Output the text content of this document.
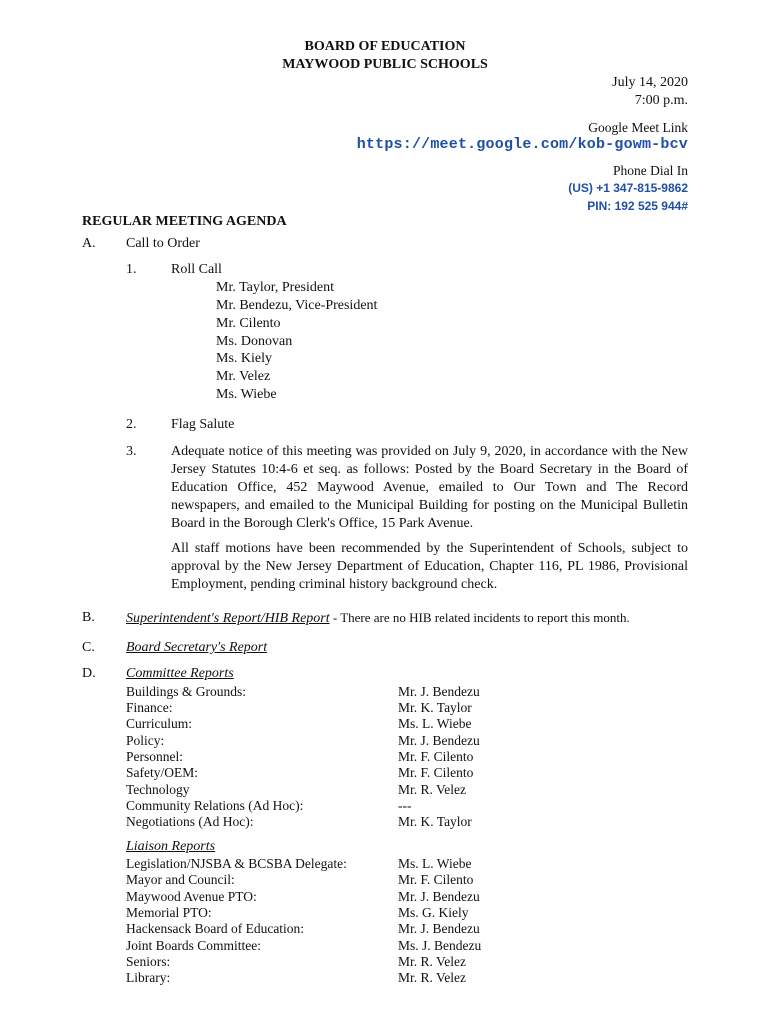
BOARD OF EDUCATION
MAYWOOD PUBLIC SCHOOLS
July 14, 2020
7:00 p.m.
Google Meet Link
https://meet.google.com/kob-gowm-bcv
Phone Dial In
(US) +1 347-815-9862
PIN: 192 525 944#
REGULAR MEETING AGENDA
A. Call to Order
1. Roll Call
Mr. Taylor, President
Mr. Bendezu, Vice-President
Mr. Cilento
Ms. Donovan
Ms. Kiely
Mr. Velez
Ms. Wiebe
2. Flag Salute
3. Adequate notice of this meeting was provided on July 9, 2020, in accordance with the New Jersey Statutes 10:4-6 et seq. as follows: Posted by the Board Secretary in the Board of Education Office, 452 Maywood Avenue, emailed to Our Town and The Record newspapers, and emailed to the Municipal Building for posting on the Municipal Bulletin Board in the Borough Clerk's Office, 15 Park Avenue.
All staff motions have been recommended by the Superintendent of Schools, subject to approval by the New Jersey Department of Education, Chapter 116, PL 1986, Provisional Employment, pending criminal history background check.
B. Superintendent's Report/HIB Report - There are no HIB related incidents to report this month.
C. Board Secretary's Report
D. Committee Reports
Buildings & Grounds:	Mr. J. Bendezu
Finance:	Mr. K. Taylor
Curriculum:	Ms. L. Wiebe
Policy:	Mr. J. Bendezu
Personnel:	Mr. F. Cilento
Safety/OEM:	Mr. F. Cilento
Technology	Mr. R. Velez
Community Relations (Ad Hoc):	---
Negotiations (Ad Hoc):	Mr. K. Taylor
Liaison Reports
Legislation/NJSBA & BCSBA Delegate:	Ms. L. Wiebe
Mayor and Council:	Mr. F. Cilento
Maywood Avenue PTO:	Mr. J. Bendezu
Memorial PTO:	Ms. G. Kiely
Hackensack Board of Education:	Mr. J. Bendezu
Joint Boards Committee:	Ms. J. Bendezu
Seniors:	Mr. R. Velez
Library:	Mr. R. Velez
